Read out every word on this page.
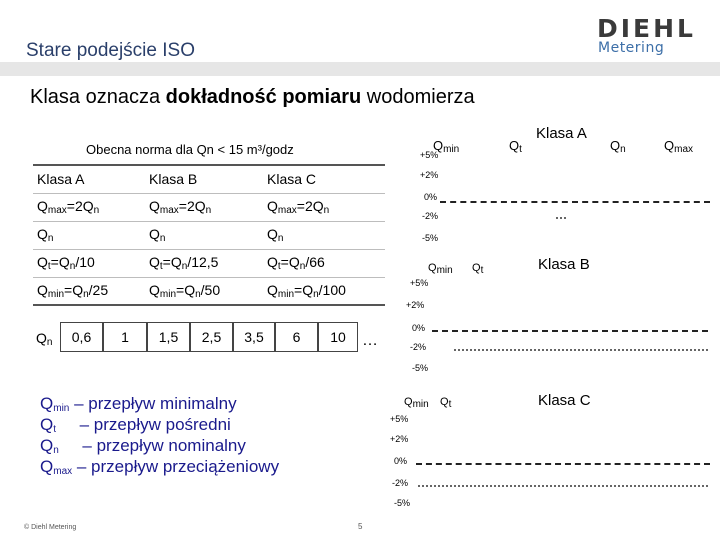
Stare podejście ISO
DIEHL
Metering
Klasa oznacza dokładność pomiaru wodomierza
Obecna norma dla Qn < 15 m³/godz
Klasa A	Klasa B	Klasa C
$Q_{max}=2Q_n$	$Q_{max}=2Q_n$	$Q_{max}=2Q_n$
$Q_n$	$Q_n$	$Q_n$
$Q_t=Q_n/10$	$Q_t=Q_n/12,5$	$Q_t=Q_n/66$
$Q_{min}=Q_n/25$	$Q_{min}=Q_n/50$	$Q_{min}=Q_n/100$
$Q_n$	0,6	1	1,5	2,5	3,5	6	10	…
$Q_{min}$ – przepływ minimalny
$Q_t$     – przepływ pośredni
$Q_n$     – przepływ nominalny
$Q_{max}$ – przepływ przeciążeniowy
Klasa A
$Q_{min}$	$Q_t$	$Q_n$	$Q_{max}$
+5%
+2%
0%
-2%
-5%
Klasa B
$Q_{min}$ $Q_t$
+5%
+2%
0%
-2%
-5%
Klasa C
$Q_{min}$ $Q_t$
+5%
+2%
0%
-2%
-5%
© Diehl Metering	5
